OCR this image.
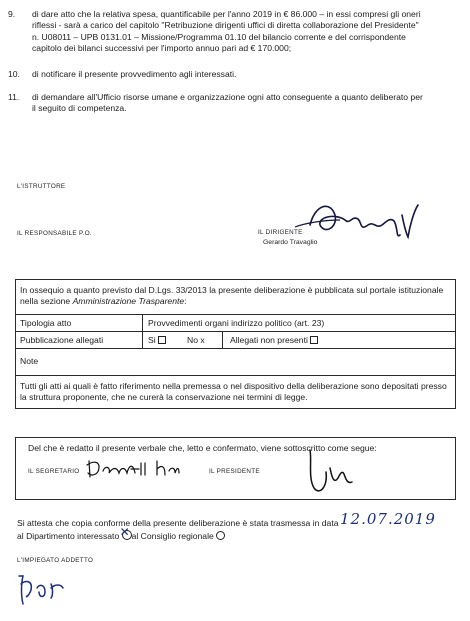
9.	di dare atto che la relativa spesa, quantificabile per l'anno 2019 in € 86.000 – in essi compresi gli oneri
riflessi - sarà a carico del capitolo "Retribuzione dirigenti uffici di diretta collaborazione del Presidente"
n. U08011 – UPB 0131.01 – Missione/Programma 01.10 del bilancio corrente e del corrispondente
capitolo dei bilanci successivi per l'importo annuo pari ad € 170.000;
10. di notificare il presente provvedimento agli interessati.
11.	di demandare all'Ufficio risorse umane e organizzazione ogni atto conseguente a quanto deliberato per
il seguito di competenza.
L'ISTRUTTORE
IL RESPONSABILE P.O.	IL DIRIGENTE
Gerardo Travaglio
In ossequio a quanto previsto dal D.Lgs. 33/2013 la presente deliberazione è pubblicata sul portale istituzionale
nella sezione Amministrazione Trasparente:
Tipologia atto	Provvedimenti organi indirizzo politico (art. 23)
Pubblicazione allegati	Si	No x	Allegati non presenti
Note
Tutti gli atti ai quali è fatto riferimento nella premessa o nel dispositivo della deliberazione sono depositati presso
la struttura proponente, che ne curerà la conservazione nei termini di legge.
Del che è redatto il presente verbale che, letto e confermato, viene sottoscritto come segue:
IL SEGRETARIO	IL PRESIDENTE
Si attesta che copia conforme della presente deliberazione è stata trasmessa in data 12.07.2019
al Dipartimento interessato ✕ al Consiglio regionale
L'IMPIEGATO ADDETTO
